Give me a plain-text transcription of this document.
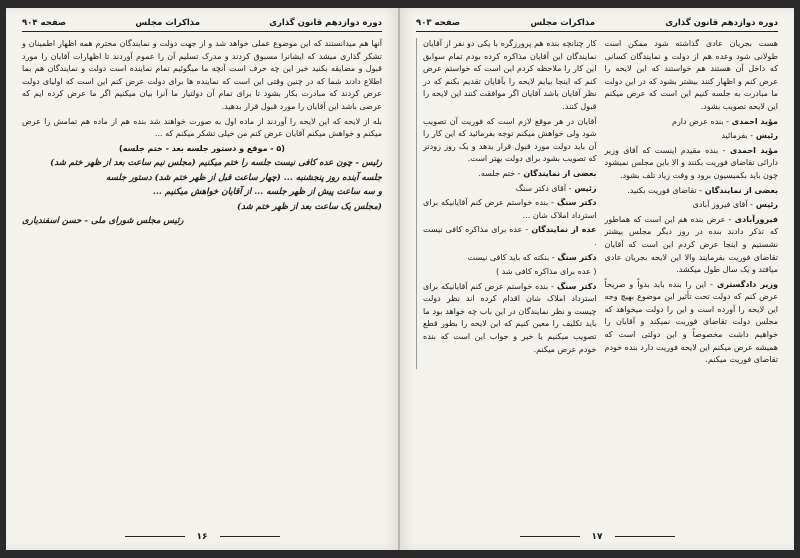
دوره دوازدهم قانون گذاری
مذاکرات مجلس
صفحه ۹۰۴

آنها هم میدانستند که این موضوع عملی خواهد شد و از جهت دولت و نمایندگان محترم همه اظهار اطمینان و تشکر گذاری میشد که ایشانرا مسبوق کردند و مدرک تسلیم آن را عموم آوردند تا اظهارات آقایان را مورد قبول و مضایقه بکنید خیر این چه حرف است آنچه ما میگوئیم تمام نماینده است دولت و نمایندگان هم بما اطلاع دادند شما که در چنین وقتی این است که نماینده ها برای دولت عرض کنم این است که اولیای دولت عرض کردند که مبادرت بکار بشود تا برای تمام آن دولتیار ما آنرا بیان میکنیم اگر ما عرض کرده ایم که عرضی باشد این آقایان را مورد قبول قرار بدهید.

بله از لایحه که این لایحه را آوردند از ماده اول به صورت خواهند شد بنده هم از ماده هم تمامش را عرض میکنم و خواهش میکنم آقایان عرض کنم من خیلی تشکر میکنم که ...

(۵ - موقع و دستور جلسه بعد - ختم جلسه)

رئیس - چون عده کافی نیست جلسه را ختم میکنیم (مجلس نیم ساعت بعد از ظهر ختم شد)

جلسه آینده روز پنجشنبه ... (چهار ساعت قبل از ظهر ختم شد) دستور جلسه

و سه ساعت پیش از ظهر جلسه ... از آقایان خواهش میکنیم ...

(مجلس یک ساعت بعد از ظهر ختم شد)

رئیس مجلس شورای ملی - حسن اسفندیاری

۱۶
دوره دوازدهم قانون گذاری
مذاکرات مجلس
صفحه ۹۰۳

هست بجریان عادی گذاشته شود ممکن است طولانی شود وعده هم از دولت و نمایندگان کسانی که داخل آن هستند هم خواستند که این لایحه را عرض کنم و اظهار کنند بیشتر بشود که در این دولت ما مبادرت به جلسه کنیم این است که عرض میکنم این لایحه تصویب بشود.

مؤید احمدی - بنده عرض دارم

رئیس - بفرمائید

مؤید احمدی - بنده مقیدم اینست که آقای وزیر دارائی تقاضای فوریت بکنند و الا باین مجلس نمیشود چون باید بکمیسیون برود و وقت زیاد تلف بشود.

بعضی از نمایندگان - تقاضای فوریت بکنید.

رئیس - آقای فیروز آبادی

فیروزآبادی - عرض بنده هم این است که هماطور که تذکر دادند بنده در روز دیگر مجلس بیشتر نشستیم و اینجا عرض کردم این است که آقایان تقاضای فوریت بفرمایند والا این لایحه بجریان عادی میافتد و یک سال طول میکشد.

وزیر دادگستری - این را بنده باید بدواً و صریحاً عرض کنم که دولت تحت تأثیر این موضوع بهیچ وجه این لایحه را آورده است و این را دولت میخواهد که مجلس دولت تقاضای فوریت نمیکند و آقایان را خواهیم داشت مخصوصاً و این دولتی است که همیشه عرض میکنم این لایحه فوریت دارد بنده خودم تقاضای فوریت میکنم.

کار چنانچه بنده هم پرورزگره با یکی دو نفر از آقایان نمایندگان این آقایان مذاکره کرده بودم تمام سوابق این کار را ملاحظه کردم این است که خواستم عرض کنم که اینجا بیایم لایحه را بآقایان تقدیم بکنم که در نظر آقایان باشد آقایان اگر موافقت کنند این لایحه را قبول کنند.

آقایان در هر موقع لازم است که فوریت آن تصویب شود ولی خواهش میکنم توجه بفرمائید که این کار را آن باید دولت مورد قبول قرار بدهد و یک روز زودتر که تصویب بشود برای دولت بهتر است.

بعضی از نمایندگان - ختم جلسه.

رئیس - آقای دکتر سنگ

دکتر سنگ - بنده خواستم عرض کنم آقایانیکه برای استرداد املاک شان ...

عده از نمایندگان - عده برای مذاکره کافی نیست .

دکتر سنگ - بنکته که باید کافی نیست

( عده برای مذاکره کافی شد )

دکتر سنگ - بنده خواستم عرض کنم آقایانیکه برای استرداد املاک شان اقدام کرده اند نظر دولت چیست و نظر نمایندگان در این باب چه خواهد بود ما باید تکلیف را معین کنیم که این لایحه را بطور قطع تصویب میکنیم یا خیر و جواب این است که بنده خودم عرض میکنم.

۱۷
